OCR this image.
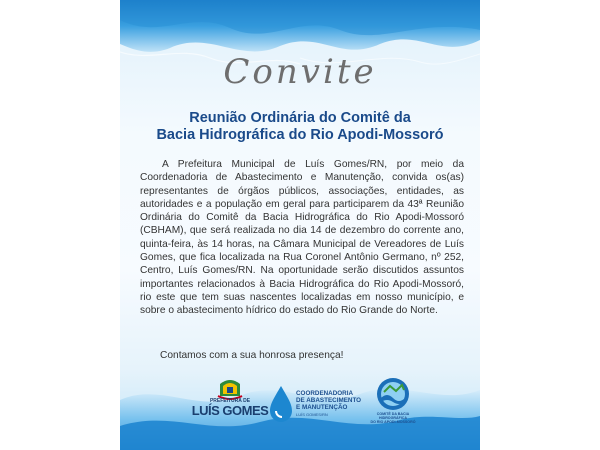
Convite
Reunião Ordinária do Comitê da
Bacia Hidrográfica do Rio Apodi-Mossoró

A Prefeitura Municipal de Luís Gomes/RN, por meio da Coordenadoria de Abastecimento e Manutenção, convida os(as) representantes de órgãos públicos, associações, entidades, as autoridades e a população em geral para participarem da 43ª Reunião Ordinária do Comitê da Bacia Hidrográfica do Rio Apodi-Mossoró (CBHAM), que será realizada no dia 14 de dezembro do corrente ano, quinta-feira, às 14 horas, na Câmara Municipal de Vereadores de Luís Gomes, que fica localizada na Rua Coronel Antônio Germano, nº 252, Centro, Luís Gomes/RN. Na oportunidade serão discutidos assuntos importantes relacionados à Bacia Hidrográfica do Rio Apodi-Mossoró, rio este que tem suas nascentes localizadas em nosso município, e sobre o abastecimento hídrico do estado do Rio Grande do Norte.

Contamos com a sua honrosa presença!
PREFEITURA DE
LUÍS GOMES
COORDENADORIA
DE ABASTECIMENTO
E MANUTENÇÃO
LUÍS GOMES/RN	COMITÊ DA BACIA HIDROGRÁFICA
DO RIO APODI-MOSSORÓ
